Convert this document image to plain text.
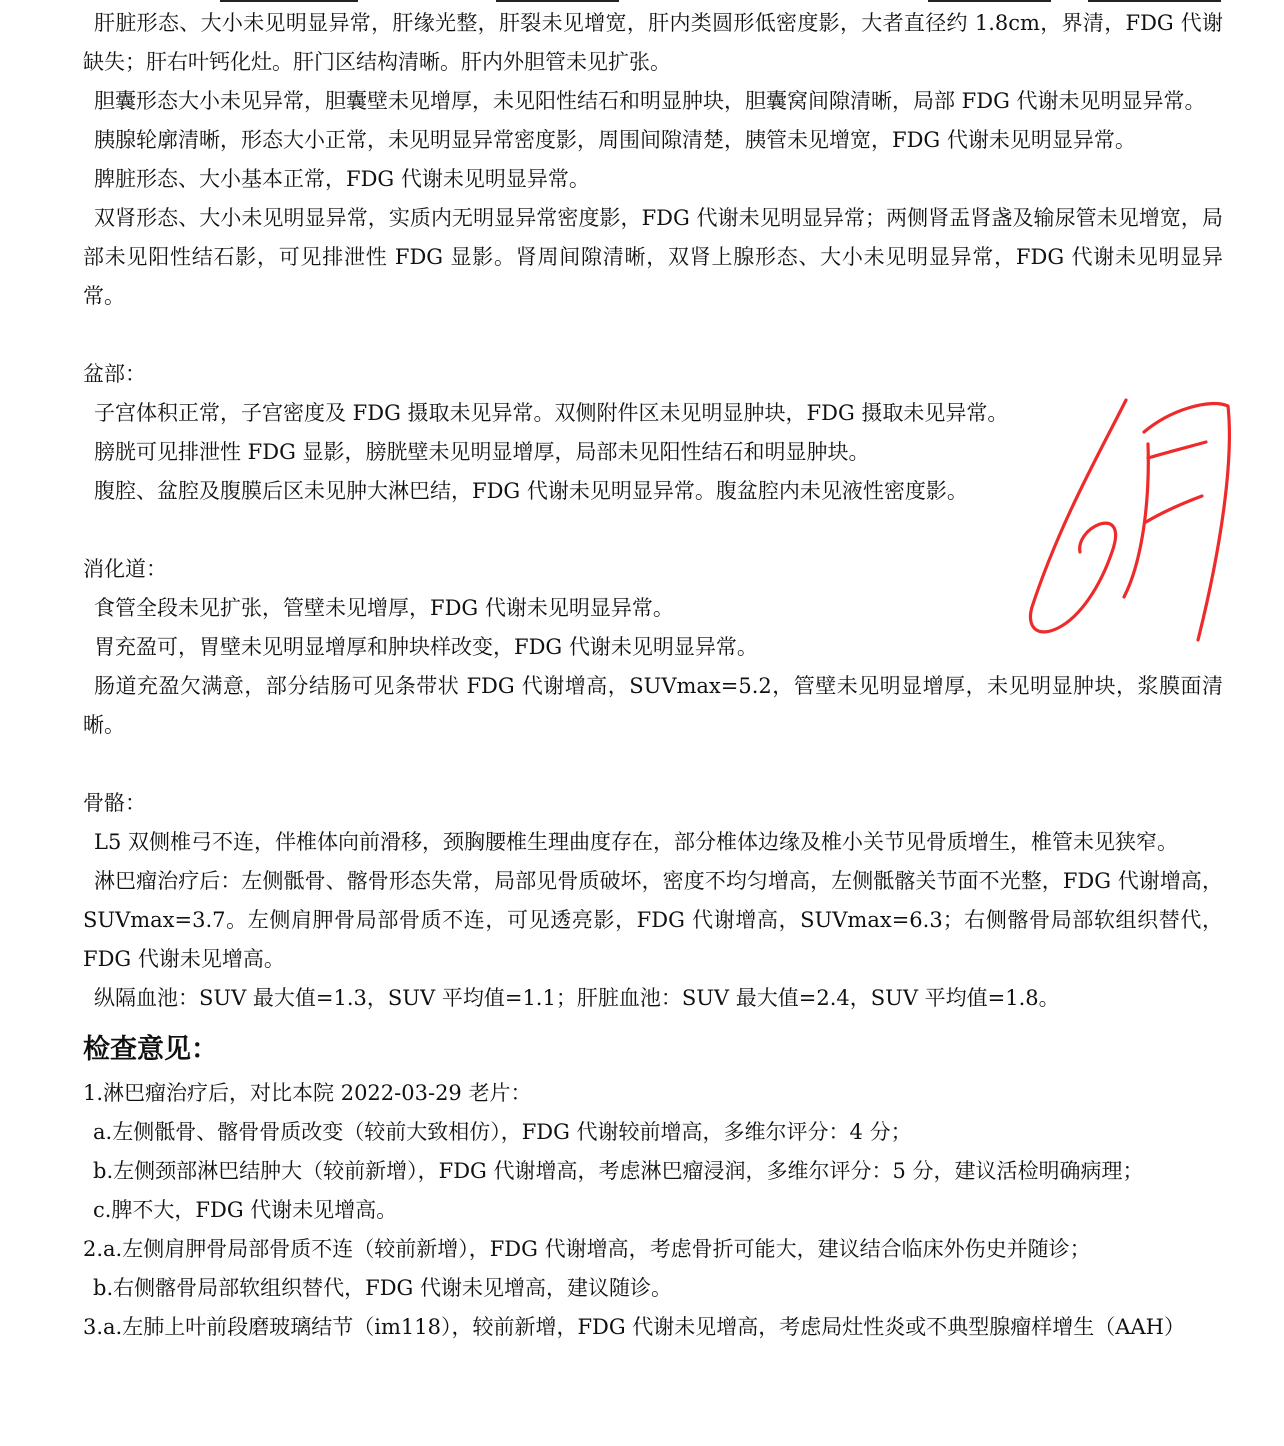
肝脏形态、大小未见明显异常，肝缘光整，肝裂未见增宽，肝内类圆形低密度影，大者直径约 1.8cm，界清，FDG 代谢缺失；肝右叶钙化灶。肝门区结构清晰。肝内外胆管未见扩张。

胆囊形态大小未见异常，胆囊壁未见增厚，未见阳性结石和明显肿块，胆囊窝间隙清晰，局部 FDG 代谢未见明显异常。

胰腺轮廓清晰，形态大小正常，未见明显异常密度影，周围间隙清楚，胰管未见增宽，FDG 代谢未见明显异常。

脾脏形态、大小基本正常，FDG 代谢未见明显异常。

双肾形态、大小未见明显异常，实质内无明显异常密度影，FDG 代谢未见明显异常；两侧肾盂肾盏及输尿管未见增宽，局部未见阳性结石影，可见排泄性 FDG 显影。肾周间隙清晰，双肾上腺形态、大小未见明显异常，FDG 代谢未见明显异常。

盆部：

子宫体积正常，子宫密度及 FDG 摄取未见异常。双侧附件区未见明显肿块，FDG 摄取未见异常。

膀胱可见排泄性 FDG 显影，膀胱壁未见明显增厚，局部未见阳性结石和明显肿块。

腹腔、盆腔及腹膜后区未见肿大淋巴结，FDG 代谢未见明显异常。腹盆腔内未见液性密度影。

消化道：

食管全段未见扩张，管壁未见增厚，FDG 代谢未见明显异常。

胃充盈可，胃壁未见明显增厚和肿块样改变，FDG 代谢未见明显异常。

肠道充盈欠满意，部分结肠可见条带状 FDG 代谢增高，SUVmax=5.2，管壁未见明显增厚，未见明显肿块，浆膜面清晰。

骨骼：

L5 双侧椎弓不连，伴椎体向前滑移，颈胸腰椎生理曲度存在，部分椎体边缘及椎小关节见骨质增生，椎管未见狭窄。

淋巴瘤治疗后：左侧骶骨、髂骨形态失常，局部见骨质破坏，密度不均匀增高，左侧骶髂关节面不光整，FDG 代谢增高，SUVmax=3.7。左侧肩胛骨局部骨质不连，可见透亮影，FDG 代谢增高，SUVmax=6.3；右侧髂骨局部软组织替代，FDG 代谢未见增高。

纵隔血池：SUV 最大值=1.3，SUV 平均值=1.1；肝脏血池：SUV 最大值=2.4，SUV 平均值=1.8。

检查意见：

1.淋巴瘤治疗后，对比本院 2022-03-29 老片：

a.左侧骶骨、髂骨骨质改变（较前大致相仿），FDG 代谢较前增高，多维尔评分：4 分；

b.左侧颈部淋巴结肿大（较前新增），FDG 代谢增高，考虑淋巴瘤浸润，多维尔评分：5 分，建议活检明确病理；

c.脾不大，FDG 代谢未见增高。

2.a.左侧肩胛骨局部骨质不连（较前新增），FDG 代谢增高，考虑骨折可能大，建议结合临床外伤史并随诊；

b.右侧髂骨局部软组织替代，FDG 代谢未见增高，建议随诊。

3.a.左肺上叶前段磨玻璃结节（im118），较前新增，FDG 代谢未见增高，考虑局灶性炎或不典型腺瘤样增生（AAH）
